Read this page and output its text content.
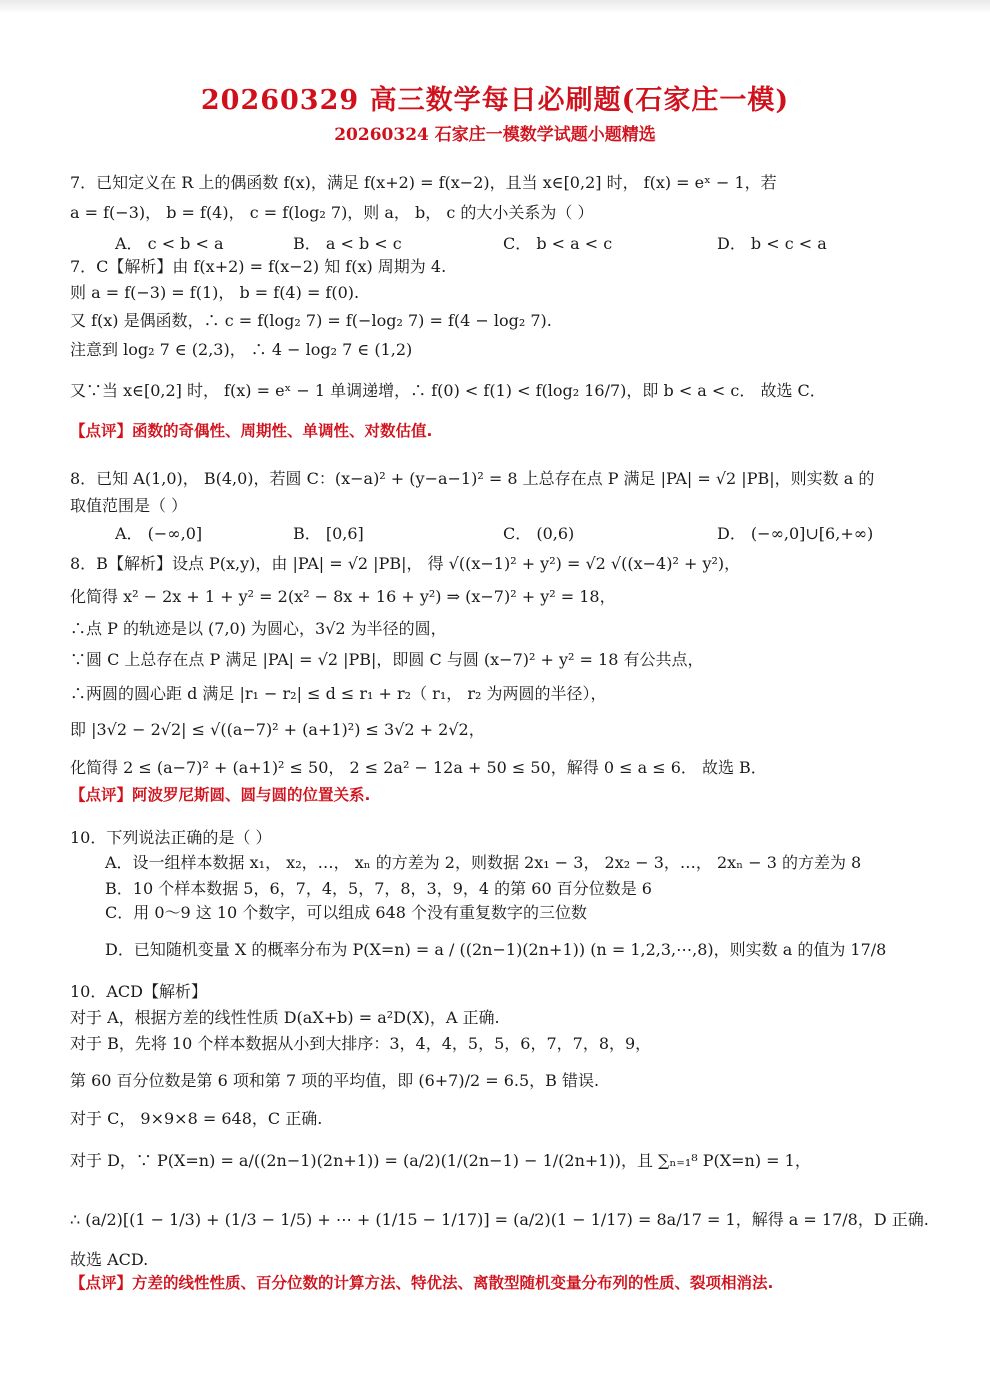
20260329 高三数学每日必刷题(石家庄一模)
20260324 石家庄一模数学试题小题精选
7．已知定义在 R 上的偶函数 f(x)，满足 f(x+2) = f(x−2)，且当 x∈[0,2] 时， f(x) = eˣ − 1，若
a = f(−3)， b = f(4)， c = f(log₂ 7)，则 a， b， c 的大小关系为（ ）
A． c < b < a	B． a < b < c	C． b < a < c	D． b < c < a
7．C【解析】由 f(x+2) = f(x−2) 知 f(x) 周期为 4.
则 a = f(−3) = f(1)， b = f(4) = f(0).
又 f(x) 是偶函数，∴ c = f(log₂ 7) = f(−log₂ 7) = f(4 − log₂ 7).
注意到 log₂ 7 ∈ (2,3)， ∴ 4 − log₂ 7 ∈ (1,2)
又∵当 x∈[0,2] 时， f(x) = eˣ − 1 单调递增，∴ f(0) < f(1) < f(log₂ 16/7)，即 b < a < c． 故选 C．
【点评】函数的奇偶性、周期性、单调性、对数估值.
8．已知 A(1,0)， B(4,0)，若圆 C：(x−a)² + (y−a−1)² = 8 上总存在点 P 满足 |PA| = √2 |PB|，则实数 a 的
取值范围是（ ）
A． (−∞,0]	B． [0,6]	C． (0,6)	D． (−∞,0]∪[6,+∞)
8．B【解析】设点 P(x,y)，由 |PA| = √2 |PB|， 得 √((x−1)² + y²) = √2 √((x−4)² + y²)，
化简得 x² − 2x + 1 + y² = 2(x² − 8x + 16 + y²) ⇒ (x−7)² + y² = 18，
∴点 P 的轨迹是以 (7,0) 为圆心，3√2 为半径的圆，
∵圆 C 上总存在点 P 满足 |PA| = √2 |PB|，即圆 C 与圆 (x−7)² + y² = 18 有公共点，
∴两圆的圆心距 d 满足 |r₁ − r₂| ≤ d ≤ r₁ + r₂（ r₁， r₂ 为两圆的半径），
即 |3√2 − 2√2| ≤ √((a−7)² + (a+1)²) ≤ 3√2 + 2√2，
化简得 2 ≤ (a−7)² + (a+1)² ≤ 50， 2 ≤ 2a² − 12a + 50 ≤ 50，解得 0 ≤ a ≤ 6． 故选 B．
【点评】阿波罗尼斯圆、圆与圆的位置关系.
10．下列说法正确的是（ ）
A．设一组样本数据 x₁， x₂，…， xₙ 的方差为 2，则数据 2x₁ − 3， 2x₂ − 3，…， 2xₙ − 3 的方差为 8
B．10 个样本数据 5，6，7，4，5，7，8，3，9，4 的第 60 百分位数是 6
C．用 0～9 这 10 个数字，可以组成 648 个没有重复数字的三位数
D．已知随机变量 X 的概率分布为 P(X=n) = a / ((2n−1)(2n+1)) (n = 1,2,3,⋯,8)，则实数 a 的值为 17/8
10．ACD【解析】
对于 A，根据方差的线性性质 D(aX+b) = a²D(X)，A 正确.
对于 B，先将 10 个样本数据从小到大排序：3，4，4，5，5，6，7，7，8，9，
第 60 百分位数是第 6 项和第 7 项的平均值，即 (6+7)/2 = 6.5，B 错误.
对于 C， 9×9×8 = 648，C 正确.
对于 D，∵ P(X=n) = a/((2n−1)(2n+1)) = (a/2)(1/(2n−1) − 1/(2n+1))，且 ∑ₙ₌₁⁸ P(X=n) = 1，
∴ (a/2)[(1 − 1/3) + (1/3 − 1/5) + ⋯ + (1/15 − 1/17)] = (a/2)(1 − 1/17) = 8a/17 = 1，解得 a = 17/8，D 正确.
故选 ACD.
【点评】方差的线性性质、百分位数的计算方法、特优法、离散型随机变量分布列的性质、裂项相消法.
